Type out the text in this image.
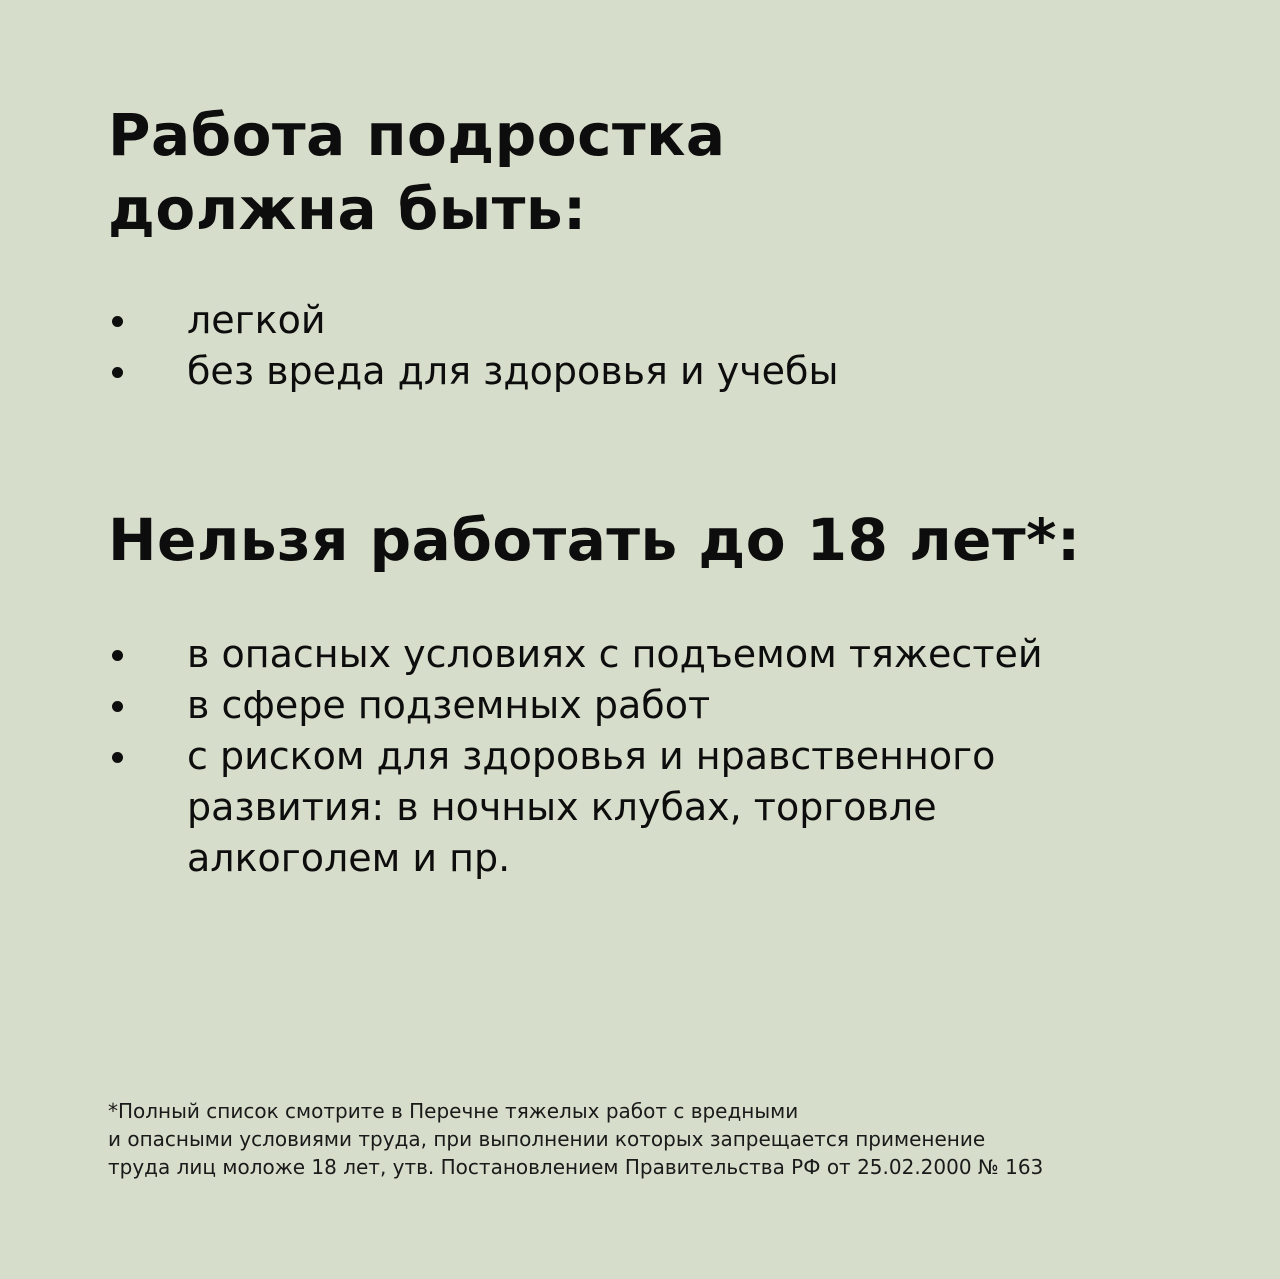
Работа подростка
должна быть:
легкой
без вреда для здоровья и учебы
Нельзя работать до 18 лет*:
в опасных условиях с подъемом тяжестей
в сфере подземных работ
с риском для здоровья и нравственного развития: в ночных клубах, торговле алкоголем и пр.

*Полный список смотрите в Перечне тяжелых работ с вредными
и опасными условиями труда, при выполнении которых запрещается применение
труда лиц моложе 18 лет, утв. Постановлением Правительства РФ от 25.02.2000 № 163
